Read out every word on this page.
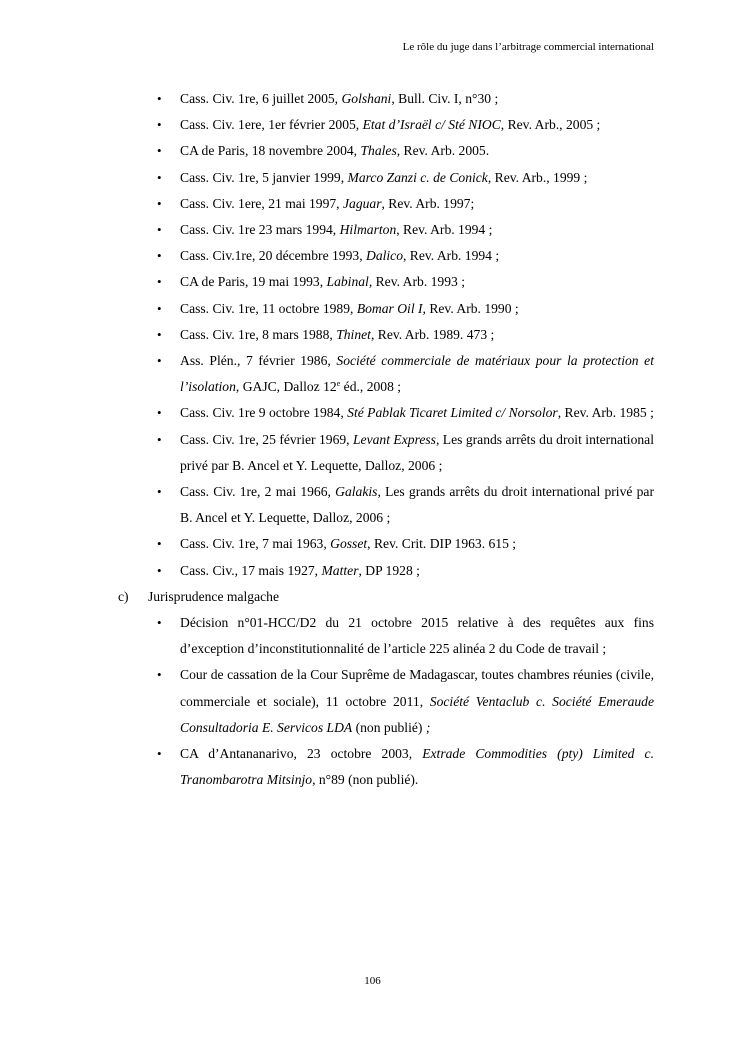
Le rôle du juge dans l’arbitrage commercial international
• Cass. Civ. 1re, 6 juillet 2005, Golshani, Bull. Civ. I, n°30 ;
• Cass. Civ. 1ere, 1er février 2005, Etat d’Israël c/ Sté NIOC, Rev. Arb., 2005 ;
• CA de Paris, 18 novembre 2004, Thales, Rev. Arb. 2005.
• Cass. Civ. 1re, 5 janvier 1999, Marco Zanzi c. de Conick, Rev. Arb., 1999 ;
• Cass. Civ. 1ere, 21 mai 1997, Jaguar, Rev. Arb. 1997;
• Cass. Civ. 1re 23 mars 1994, Hilmarton, Rev. Arb. 1994 ;
• Cass. Civ.1re, 20 décembre 1993, Dalico, Rev. Arb. 1994 ;
• CA de Paris, 19 mai 1993, Labinal, Rev. Arb. 1993 ;
• Cass. Civ. 1re, 11 octobre 1989, Bomar Oil I, Rev. Arb. 1990 ;
• Cass. Civ. 1re, 8 mars 1988, Thinet, Rev. Arb. 1989. 473 ;
• Ass. Plén., 7 février 1986, Société commerciale de matériaux pour la protection et l’isolation, GAJC, Dalloz 12e éd., 2008 ;
• Cass. Civ. 1re 9 octobre 1984, Sté Pablak Ticaret Limited c/ Norsolor, Rev. Arb. 1985 ;
• Cass. Civ. 1re, 25 février 1969, Levant Express, Les grands arrêts du droit international privé par B. Ancel et Y. Lequette, Dalloz, 2006 ;
• Cass. Civ. 1re, 2 mai 1966, Galakis, Les grands arrêts du droit international privé par B. Ancel et Y. Lequette, Dalloz, 2006 ;
• Cass. Civ. 1re, 7 mai 1963, Gosset, Rev. Crit. DIP 1963. 615 ;
• Cass. Civ., 17 mais 1927, Matter, DP 1928 ;
c) Jurisprudence malgache
• Décision n°01-HCC/D2 du 21 octobre 2015 relative à des requêtes aux fins d’exception d’inconstitutionnalité de l’article 225 alinéa 2 du Code de travail ;
• Cour de cassation de la Cour Suprême de Madagascar, toutes chambres réunies (civile, commerciale et sociale), 11 octobre 2011, Société Ventaclub c. Société Emeraude Consultadoria E. Servicos LDA (non publié) ;
• CA d’Antananarivo, 23 octobre 2003, Extrade Commodities (pty) Limited c. Tranombarotra Mitsinjo, n°89 (non publié).
106
